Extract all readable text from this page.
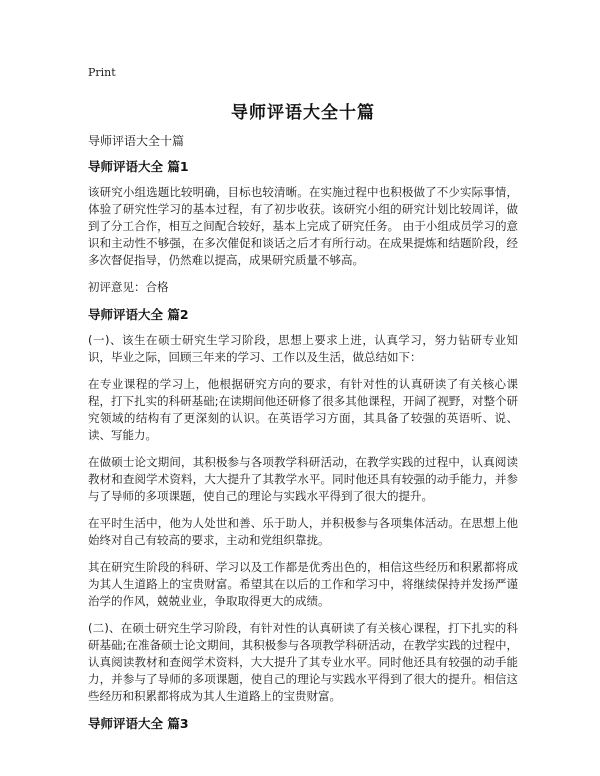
Print
导师评语大全十篇
导师评语大全十篇
导师评语大全 篇1

该研究小组选题比较明确，目标也较清晰。在实施过程中也积极做了不少实际事情，体验了研究性学习的基本过程，有了初步收获。该研究小组的研究计划比较周详，做到了分工合作，相互之间配合较好，基本上完成了研究任务。 由于小组成员学习的意识和主动性不够强，在多次催促和谈话之后才有所行动。在成果提炼和结题阶段，经多次督促指导，仍然难以提高，成果研究质量不够高。

初评意见：合格

导师评语大全 篇2

(一)、该生在硕士研究生学习阶段，思想上要求上进，认真学习，努力钻研专业知识，毕业之际，回顾三年来的学习、工作以及生活，做总结如下：

在专业课程的学习上，他根据研究方向的要求，有针对性的认真研读了有关核心课程，打下扎实的科研基础;在读期间他还研修了很多其他课程，开阔了视野，对整个研究领域的结构有了更深刻的认识。在英语学习方面，其具备了较强的英语听、说、读、写能力。

在做硕士论文期间，其积极参与各项教学科研活动，在教学实践的过程中，认真阅读教材和查阅学术资料，大大提升了其教学水平。同时他还具有较强的动手能力，并参与了导师的多项课题，使自己的理论与实践水平得到了很大的提升。

在平时生活中，他为人处世和善、乐于助人，并积极参与各项集体活动。在思想上他始终对自己有较高的要求，主动和党组织靠拢。

其在研究生阶段的科研、学习以及工作都是优秀出色的，相信这些经历和积累都将成为其人生道路上的宝贵财富。希望其在以后的工作和学习中，将继续保持并发扬严谨治学的作风，兢兢业业，争取取得更大的成绩。

(二)、在硕士研究生学习阶段，有针对性的认真研读了有关核心课程，打下扎实的科研基础;在准备硕士论文期间，其积极参与各项教学科研活动，在教学实践的过程中，认真阅读教材和查阅学术资料，大大提升了其专业水平。同时他还具有较强的动手能力，并参与了导师的多项课题，使自己的理论与实践水平得到了很大的提升。相信这些经历和积累都将成为其人生道路上的宝贵财富。

导师评语大全 篇3
